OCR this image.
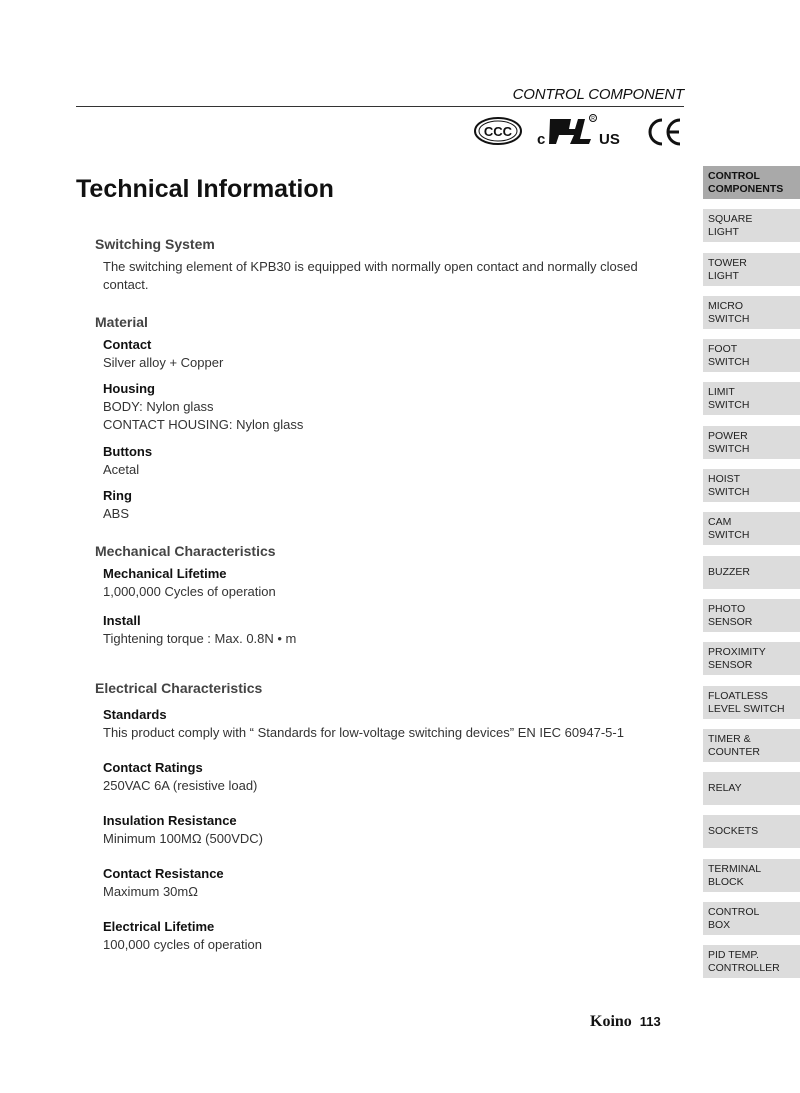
CONTROL COMPONENT
CCC c
R
US
Technical Information

Switching System

The switching element of KPB30 is equipped with normally open contact and normally closed contact.

Material

Contact

Silver alloy + Copper

Housing

BODY: Nylon glass

CONTACT HOUSING: Nylon glass

Buttons

Acetal

Ring

ABS

Mechanical Characteristics

Mechanical Lifetime

1,000,000 Cycles of operation

Install

Tightening torque : Max. 0.8N • m

Electrical Characteristics

Standards

This product comply with “ Standards for low-voltage switching devices” EN IEC 60947-5-1

Contact Ratings

250VAC 6A (resistive load)

Insulation Resistance

Minimum 100MΩ (500VDC)

Contact Resistance

Maximum 30mΩ

Electrical Lifetime

100,000 cycles of operation

CONTROL
COMPONENTS
SQUARE
LIGHT
TOWER
LIGHT
MICRO
SWITCH
FOOT
SWITCH
LIMIT
SWITCH
POWER
SWITCH
HOIST
SWITCH
CAM
SWITCH
BUZZER
PHOTO
SENSOR
PROXIMITY
SENSOR
FLOATLESS
LEVEL SWITCH
TIMER &
COUNTER
RELAY
SOCKETS
TERMINAL
BLOCK
CONTROL
BOX
PID TEMP.
CONTROLLER
Koino 113
